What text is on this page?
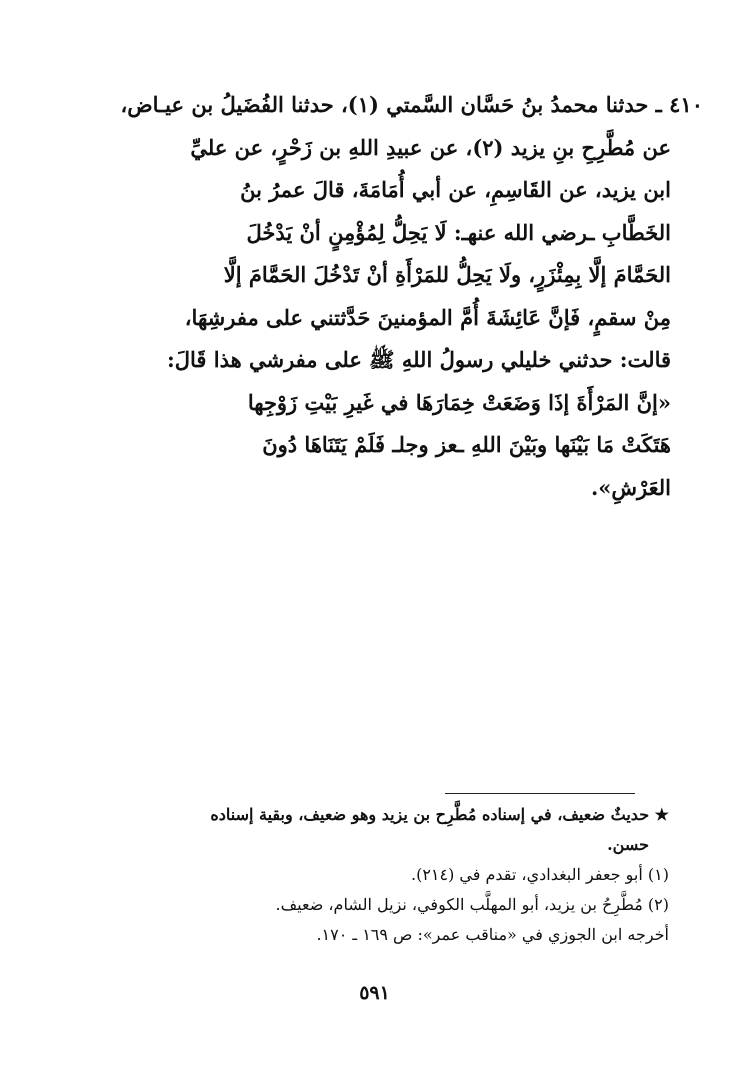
٤١٠ ـ حدثنا محمدُ بنُ حَسَّان السَّمتي (١)، حدثنا الفُضَيلُ بن عيـاض،
عن مُطَّرِحِ بنِ يزيد (٢)، عن عبيدِ اللهِ بن زَحْرٍ، عن عليِّ
ابن يزيد، عن القَاسِمِ، عن أبي أُمَامَةَ، قالَ عمرُ بنُ
الخَطَّابِ ـرضي الله عنهـ: لَا يَحِلُّ لِمُؤْمِنٍ أنْ يَدْخُلَ
الحَمَّامَ إلَّا بِمِئْزَرٍ، ولَا يَحِلُّ للمَرْأَةِ أنْ تَدْخُلَ الحَمَّامَ إلَّا
مِنْ سقمٍ، فَإنَّ عَائِشَةَ أُمَّ المؤمنينَ حَدَّثتني على مفرشِهَا،
قالت: حدثني خليلي رسولُ اللهِ ﷺ على مفرشي هذا قَالَ:
«إنَّ المَرْأَةَ إذَا وَضَعَتْ خِمَارَهَا في غَيرِ بَيْتِ زَوْجِها
هَتَكَتْ مَا بَيْنَها وبَيْنَ اللهِ ـعز وجلـ فَلَمْ يَتَنَاهَا دُونَ
العَرْشِ».
★ حديثٌ ضعيف، في إسناده مُطَّرِح بن يزيد وهو ضعيف، وبقية إسناده
حسن.
(١) أبو جعفر البغدادي، تقدم في (٢١٤).
(٢) مُطَّرِحُ بن يزيد، أبو المهلَّب الكوفي، نزيل الشام، ضعيف.
أخرجه ابن الجوزي في «مناقب عمر»: ص ١٦٩ ـ ١٧٠.
٥٩١
